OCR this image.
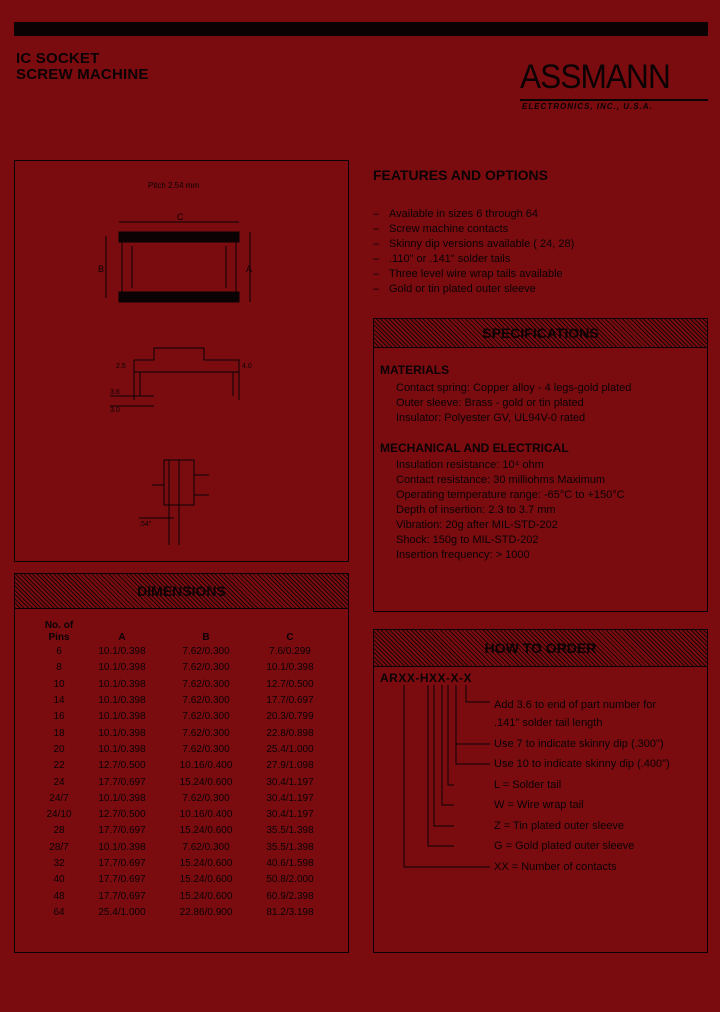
IC SOCKET
SCREW MACHINE	ASSMANN
ELECTRONICS, INC., U.S.A.
Pitch 2.54 mm
C
B	A
2.5	4.0
3.6
3.0
.54"
FEATURES AND OPTIONS
– Available in sizes 6 through 64
– Screw machine contacts
– Skinny dip versions available ( 24, 28)
– .110" or .141" solder tails
– Three level wire wrap tails available
– Gold or tin plated outer sleeve
SPECIFICATIONS
MATERIALS
Contact spring: Copper alloy - 4 legs-gold plated
Outer sleeve: Brass - gold or tin plated
Insulator: Polyester GV, UL94V-0 rated
MECHANICAL AND ELECTRICAL
Insulation resistance: 10⁴ ohm
Contact resistance: 30 milliohms Maximum
Operating temperature range: -65°C to +150°C
Depth of insertion: 2.3 to 3.7 mm
Vibration: 20g after MIL-STD-202
Shock: 150g to MIL-STD-202
Insertion frequency: > 1000
DIMENSIONS
No. of Pins	A	B	C
6	10.1/0.398	7.62/0.300	7.6/0.299
8	10.1/0.398	7.62/0.300	10.1/0.398
10	10.1/0.398	7.62/0.300	12.7/0.500
14	10.1/0.398	7.62/0.300	17.7/0.697
16	10.1/0.398	7.62/0.300	20.3/0.799
18	10.1/0.398	7.62/0.300	22.8/0.898
20	10.1/0.398	7.62/0.300	25.4/1.000
22	12.7/0.500	10.16/0.400	27.9/1.098
24	17.7/0.697	15.24/0.600	30.4/1.197
24/7	10.1/0.398	7.62/0.300	30.4/1.197
24/10	12.7/0.500	10.16/0.400	30.4/1.197
28	17.7/0.697	15.24/0.600	35.5/1.398
28/7	10.1/0.398	7.62/0.300	35.5/1.398
32	17.7/0.697	15.24/0.600	40.6/1.598
40	17.7/0.697	15.24/0.600	50.8/2.000
48	17.7/0.697	15.24/0.600	60.9/2.398
64	25.4/1.000	22.86/0.900	81.2/3.198
HOW TO ORDER
ARXX-HXX-X-X
Add 3.6 to end of part number for
.141" solder tail length
Use 7 to indicate skinny dip (.300")
Use 10 to indicate skinny dip (.400")
L = Solder tail
W = Wire wrap tail
Z = Tin plated outer sleeve
G = Gold plated outer sleeve
XX = Number of contacts
